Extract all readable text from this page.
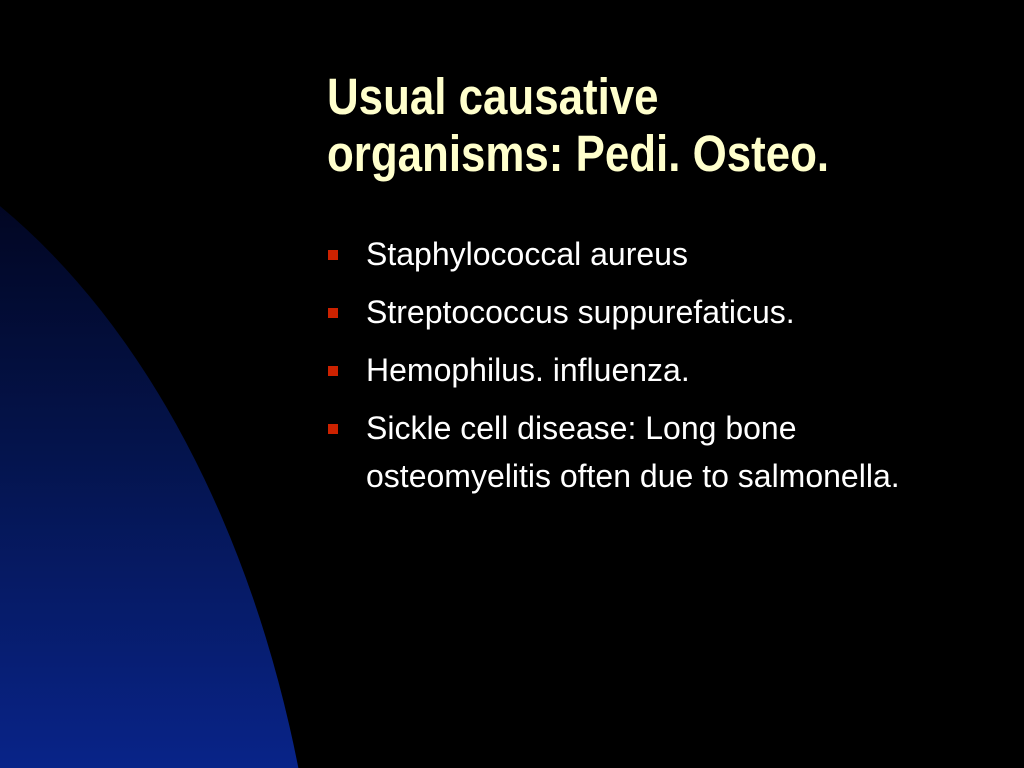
Usual causative
organisms: Pedi. Osteo.
Staphylococcal aureus
Streptococcus suppurefaticus.
Hemophilus. influenza.
Sickle cell disease: Long bone osteomyelitis often due to salmonella.
